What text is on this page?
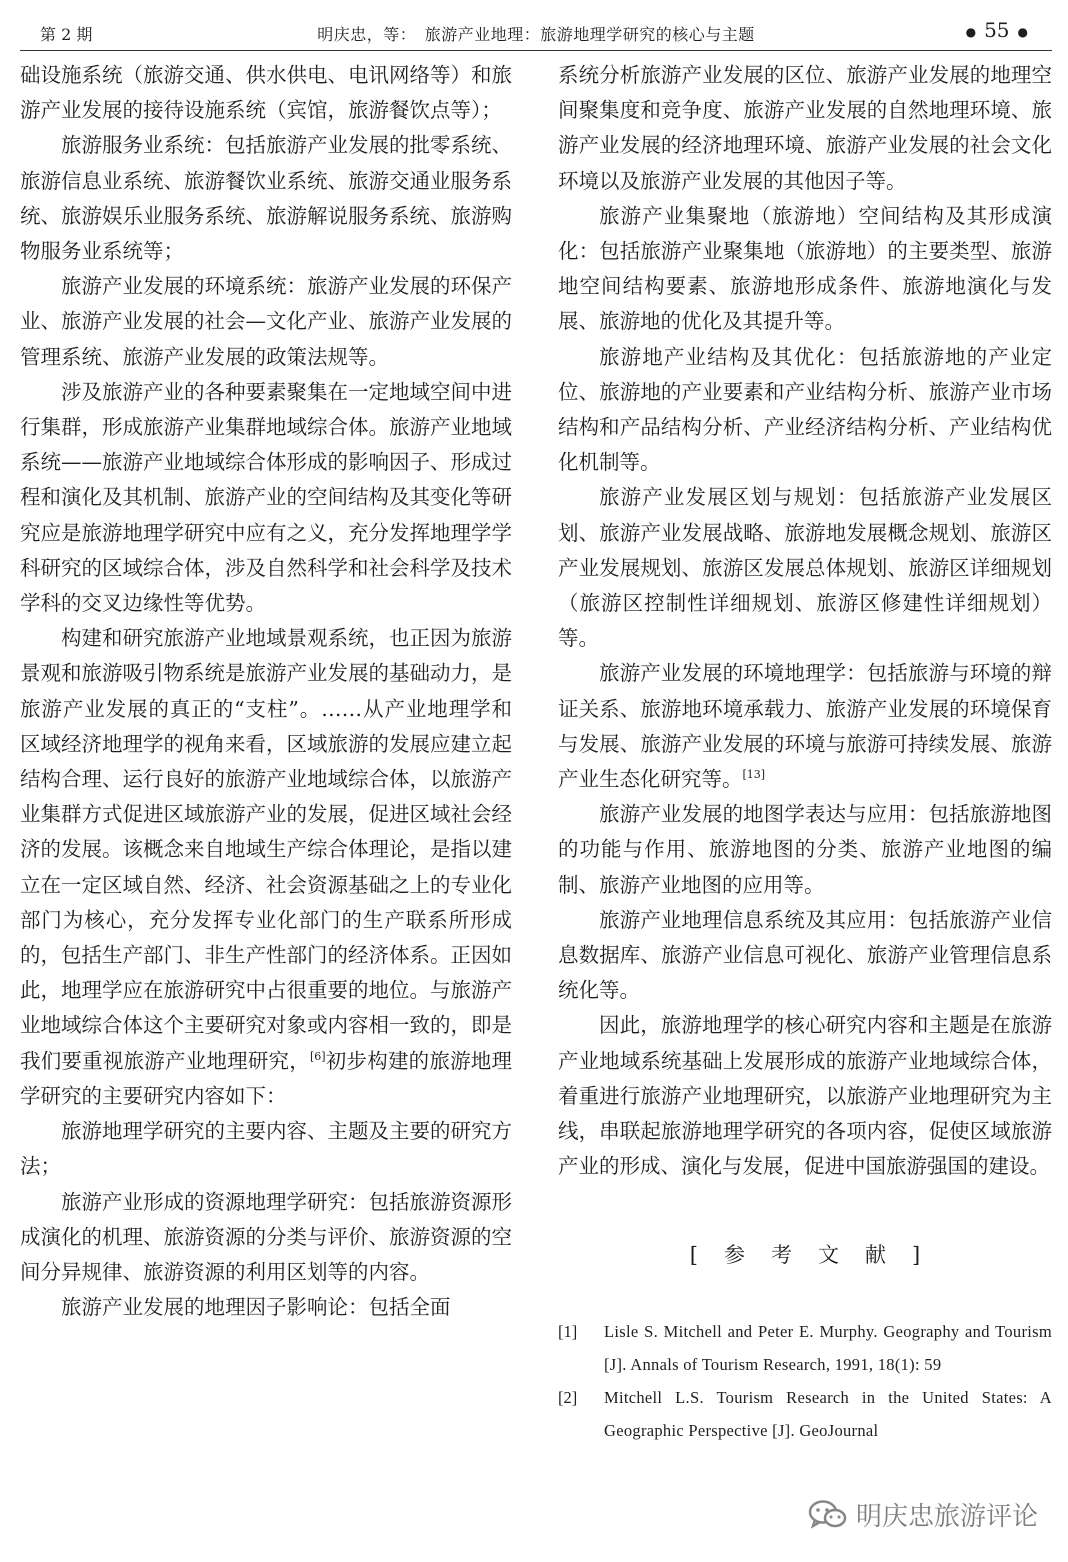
第 2 期	明庆忠，等：　旅游产业地理：旅游地理学研究的核心与主题	● 55 ●

础设施系统（旅游交通、供水供电、电讯网络等）和旅游产业发展的接待设施系统（宾馆，旅游餐饮点等）；

旅游服务业系统：包括旅游产业发展的批零系统、旅游信息业系统、旅游餐饮业系统、旅游交通业服务系统、旅游娱乐业服务系统、旅游解说服务系统、旅游购物服务业系统等；

旅游产业发展的环境系统：旅游产业发展的环保产业、旅游产业发展的社会—文化产业、旅游产业发展的管理系统、旅游产业发展的政策法规等。

涉及旅游产业的各种要素聚集在一定地域空间中进行集群，形成旅游产业集群地域综合体。旅游产业地域系统——旅游产业地域综合体形成的影响因子、形成过程和演化及其机制、旅游产业的空间结构及其变化等研究应是旅游地理学研究中应有之义，充分发挥地理学学科研究的区域综合体，涉及自然科学和社会科学及技术学科的交叉边缘性等优势。

构建和研究旅游产业地域景观系统，也正因为旅游景观和旅游吸引物系统是旅游产业发展的基础动力，是旅游产业发展的真正的“支柱”。……从产业地理学和区域经济地理学的视角来看，区域旅游的发展应建立起结构合理、运行良好的旅游产业地域综合体，以旅游产业集群方式促进区域旅游产业的发展，促进区域社会经济的发展。该概念来自地域生产综合体理论，是指以建立在一定区域自然、经济、社会资源基础之上的专业化部门为核心，充分发挥专业化部门的生产联系所形成的，包括生产部门、非生产性部门的经济体系。正因如此，地理学应在旅游研究中占很重要的地位。与旅游产业地域综合体这个主要研究对象或内容相一致的，即是我们要重视旅游产业地理研究，[6]初步构建的旅游地理学研究的主要研究内容如下：

旅游地理学研究的主要内容、主题及主要的研究方法；

旅游产业形成的资源地理学研究：包括旅游资源形成演化的机理、旅游资源的分类与评价、旅游资源的空间分异规律、旅游资源的利用区划等的内容。

旅游产业发展的地理因子影响论：包括全面

系统分析旅游产业发展的区位、旅游产业发展的地理空间聚集度和竞争度、旅游产业发展的自然地理环境、旅游产业发展的经济地理环境、旅游产业发展的社会文化环境以及旅游产业发展的其他因子等。

旅游产业集聚地（旅游地）空间结构及其形成演化：包括旅游产业聚集地（旅游地）的主要类型、旅游地空间结构要素、旅游地形成条件、旅游地演化与发展、旅游地的优化及其提升等。

旅游地产业结构及其优化：包括旅游地的产业定位、旅游地的产业要素和产业结构分析、旅游产业市场结构和产品结构分析、产业经济结构分析、产业结构优化机制等。

旅游产业发展区划与规划：包括旅游产业发展区划、旅游产业发展战略、旅游地发展概念规划、旅游区产业发展规划、旅游区发展总体规划、旅游区详细规划（旅游区控制性详细规划、旅游区修建性详细规划）等。

旅游产业发展的环境地理学：包括旅游与环境的辩证关系、旅游地环境承载力、旅游产业发展的环境保育与发展、旅游产业发展的环境与旅游可持续发展、旅游产业生态化研究等。[13]

旅游产业发展的地图学表达与应用：包括旅游地图的功能与作用、旅游地图的分类、旅游产业地图的编制、旅游产业地图的应用等。

旅游产业地理信息系统及其应用：包括旅游产业信息数据库、旅游产业信息可视化、旅游产业管理信息系统化等。

因此，旅游地理学的核心研究内容和主题是在旅游产业地域系统基础上发展形成的旅游产业地域综合体，着重进行旅游产业地理研究，以旅游产业地理研究为主线，串联起旅游地理学研究的各项内容，促使区域旅游产业的形成、演化与发展，促进中国旅游强国的建设。

[参考文献]
[1]	Lisle S. Mitchell and Peter E. Murphy. Geography and Tourism [J]. Annals of Tourism Research, 1991, 18(1): 59
[2]	Mitchell L.S. Tourism Research in the United States: A Geographic Perspective [J]. GeoJournal
明庆忠旅游评论
